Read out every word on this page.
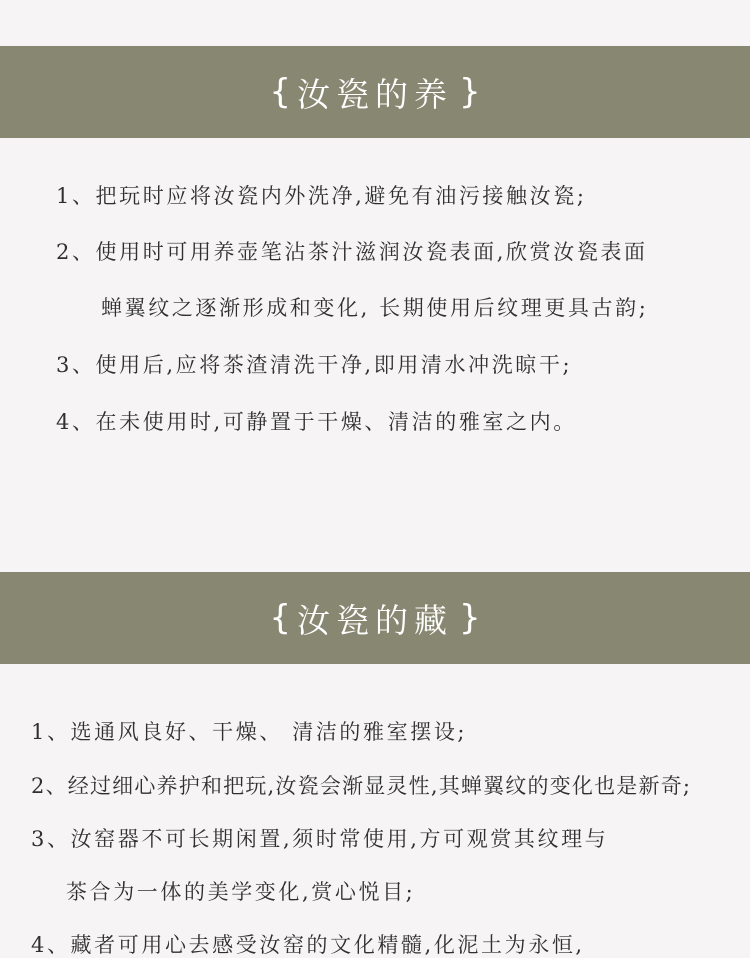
{ 汝瓷的养 }
1、把玩时应将汝瓷内外洗净,避免有油污接触汝瓷;
2、使用时可用养壶笔沾茶汁滋润汝瓷表面,欣赏汝瓷表面
蝉翼纹之逐渐形成和变化, 长期使用后纹理更具古韵;
3、使用后,应将茶渣清洗干净,即用清水冲洗晾干;
4、在未使用时,可静置于干燥、清洁的雅室之内。
{ 汝瓷的藏 }
1、选通风良好、干燥、 清洁的雅室摆设;
2、经过细心养护和把玩,汝瓷会渐显灵性,其蝉翼纹的变化也是新奇;
3、汝窑器不可长期闲置,须时常使用,方可观赏其纹理与
茶合为一体的美学变化,赏心悦目;
4、藏者可用心去感受汝窑的文化精髓,化泥土为永恒,
